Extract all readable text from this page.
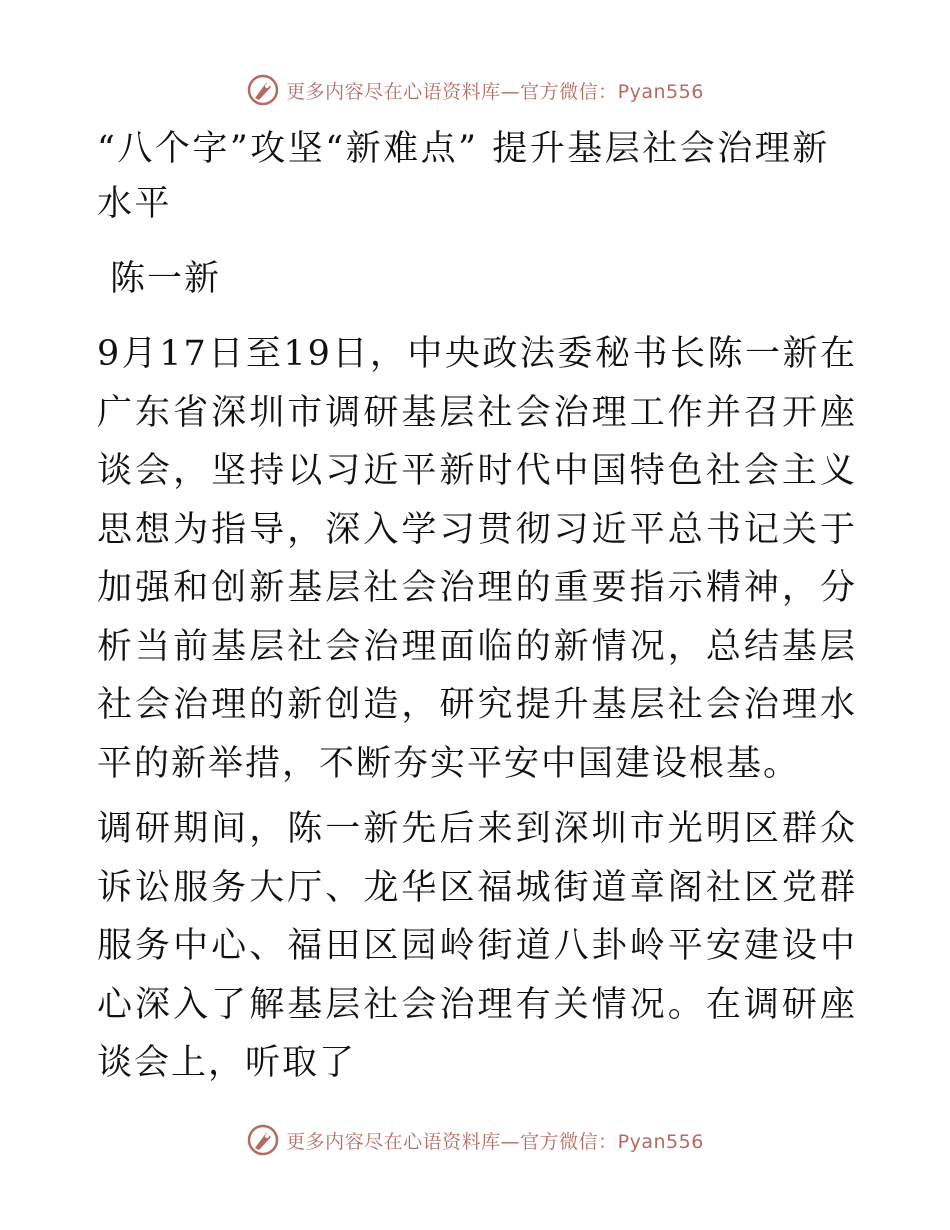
更多内容尽在心语资料库—官方微信：Pyan556
“八个字”攻坚“新难点” 提升基层社会治理新水平

陈一新

9月17日至19日，中央政法委秘书长陈一新在广东省深圳市调研基层社会治理工作并召开座谈会，坚持以习近平新时代中国特色社会主义思想为指导，深入学习贯彻习近平总书记关于加强和创新基层社会治理的重要指示精神，分析当前基层社会治理面临的新情况，总结基层社会治理的新创造，研究提升基层社会治理水平的新举措，不断夯实平安中国建设根基。

调研期间，陈一新先后来到深圳市光明区群众诉讼服务大厅、龙华区福城街道章阁社区党群服务中心、福田区园岭街道八卦岭平安建设中心深入了解基层社会治理有关情况。在调研座谈会上，听取了

更多内容尽在心语资料库—官方微信：Pyan556
